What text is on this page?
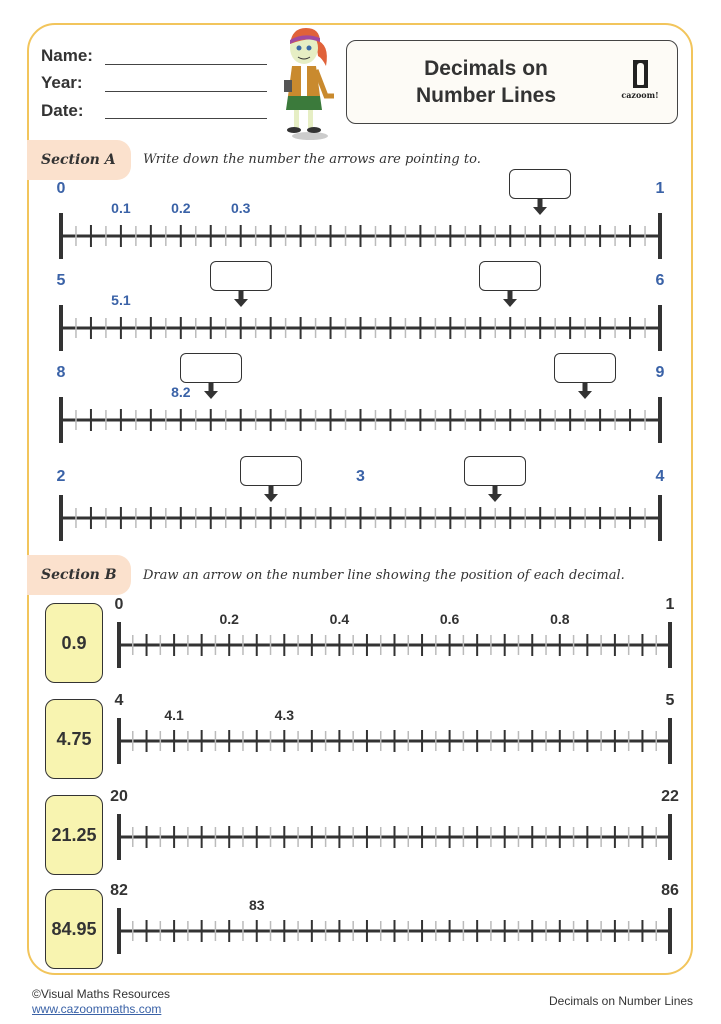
Name:
Year:
Date:
Decimals on
Number Lines	cazoom!
Section A	Write down the number the arrows are pointing to.
0	1
0.1	0.2	0.3
5	6
5.1
8	9
8.2
2	4
3
Section B	Draw an arrow on the number line showing the position of each decimal.
0.9
0	1
0.2	0.4	0.6	0.8
4.75
4	5
4.1	4.3
21.25
20	22
84.95
82	86
83
©Visual Maths Resources
www.cazoommaths.com
Decimals on Number Lines
